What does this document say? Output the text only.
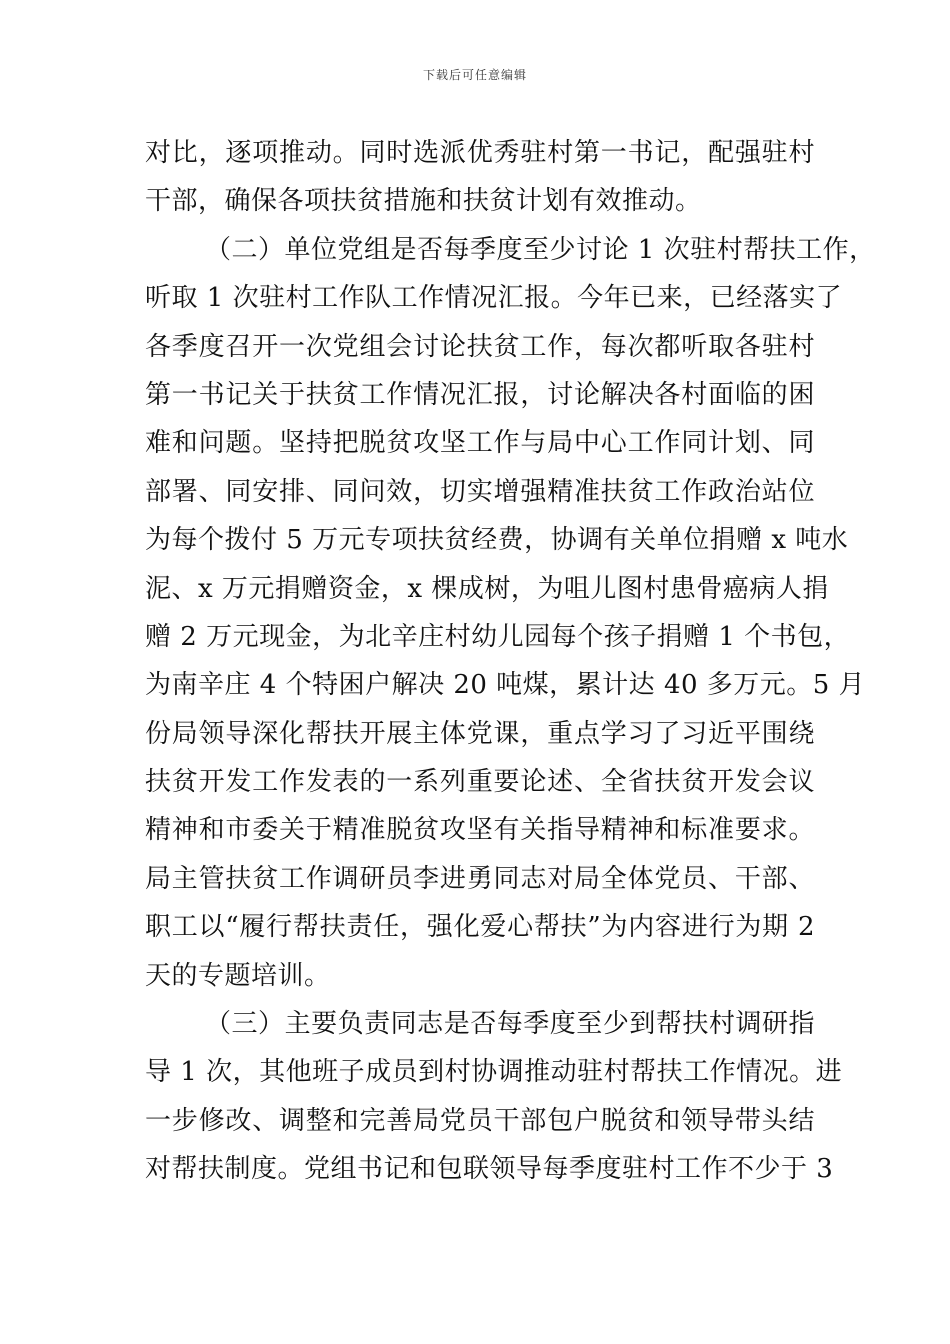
下载后可任意编辑
对比，逐项推动。同时选派优秀驻村第一书记，配强驻村
干部，确保各项扶贫措施和扶贫计划有效推动。
（二）单位党组是否每季度至少讨论 1 次驻村帮扶工作，
听取 1 次驻村工作队工作情况汇报。今年已来，已经落实了
各季度召开一次党组会讨论扶贫工作，每次都听取各驻村
第一书记关于扶贫工作情况汇报，讨论解决各村面临的困
难和问题。坚持把脱贫攻坚工作与局中心工作同计划、同
部署、同安排、同问效，切实增强精准扶贫工作政治站位
为每个拨付 5 万元专项扶贫经费，协调有关单位捐赠 x 吨水
泥、x 万元捐赠资金，x 棵成树，为咀儿图村患骨癌病人捐
赠 2 万元现金，为北辛庄村幼儿园每个孩子捐赠 1 个书包，
为南辛庄 4 个特困户解决 20 吨煤，累计达 40 多万元。5 月
份局领导深化帮扶开展主体党课，重点学习了习近平围绕
扶贫开发工作发表的一系列重要论述、全省扶贫开发会议
精神和市委关于精准脱贫攻坚有关指导精神和标准要求。
局主管扶贫工作调研员李进勇同志对局全体党员、干部、
职工以“履行帮扶责任，强化爱心帮扶”为内容进行为期 2
天的专题培训。
（三）主要负责同志是否每季度至少到帮扶村调研指
导 1 次，其他班子成员到村协调推动驻村帮扶工作情况。进
一步修改、调整和完善局党员干部包户脱贫和领导带头结
对帮扶制度。党组书记和包联领导每季度驻村工作不少于 3
